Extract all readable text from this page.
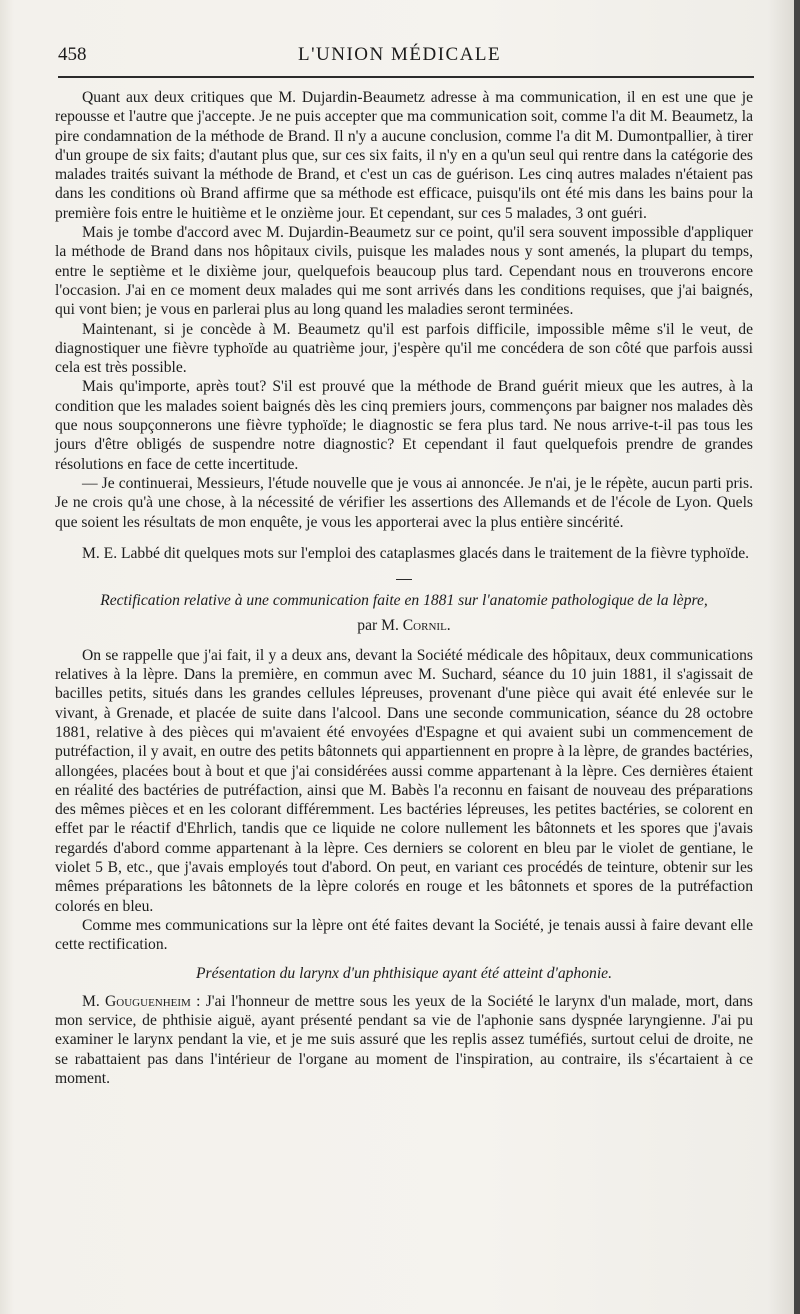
458	L'UNION MÉDICALE

Quant aux deux critiques que M. Dujardin-Beaumetz adresse à ma communication, il en est une que je repousse et l'autre que j'accepte. Je ne puis accepter que ma communication soit, comme l'a dit M. Beaumetz, la pire condamnation de la méthode de Brand. Il n'y a aucune conclusion, comme l'a dit M. Dumontpallier, à tirer d'un groupe de six faits; d'autant plus que, sur ces six faits, il n'y en a qu'un seul qui rentre dans la catégorie des malades traités suivant la méthode de Brand, et c'est un cas de guérison. Les cinq autres malades n'étaient pas dans les conditions où Brand affirme que sa méthode est efficace, puisqu'ils ont été mis dans les bains pour la première fois entre le huitième et le onzième jour. Et cependant, sur ces 5 malades, 3 ont guéri.

Mais je tombe d'accord avec M. Dujardin-Beaumetz sur ce point, qu'il sera souvent impossible d'appliquer la méthode de Brand dans nos hôpitaux civils, puisque les malades nous y sont amenés, la plupart du temps, entre le septième et le dixième jour, quelquefois beaucoup plus tard. Cependant nous en trouverons encore l'occasion. J'ai en ce moment deux malades qui me sont arrivés dans les conditions requises, que j'ai baignés, qui vont bien; je vous en parlerai plus au long quand les maladies seront terminées.

Maintenant, si je concède à M. Beaumetz qu'il est parfois difficile, impossible même s'il le veut, de diagnostiquer une fièvre typhoïde au quatrième jour, j'espère qu'il me concédera de son côté que parfois aussi cela est très possible.

Mais qu'importe, après tout? S'il est prouvé que la méthode de Brand guérit mieux que les autres, à la condition que les malades soient baignés dès les cinq premiers jours, commençons par baigner nos malades dès que nous soupçonnerons une fièvre typhoïde; le diagnostic se fera plus tard. Ne nous arrive-t-il pas tous les jours d'être obligés de suspendre notre diagnostic? Et cependant il faut quelquefois prendre de grandes résolutions en face de cette incertitude.

— Je continuerai, Messieurs, l'étude nouvelle que je vous ai annoncée. Je n'ai, je le répète, aucun parti pris. Je ne crois qu'à une chose, à la nécessité de vérifier les assertions des Allemands et de l'école de Lyon. Quels que soient les résultats de mon enquête, je vous les apporterai avec la plus entière sincérité.

M. E. Labbé dit quelques mots sur l'emploi des cataplasmes glacés dans le traitement de la fièvre typhoïde.

Rectification relative à une communication faite en 1881 sur l'anatomie pathologique de la lèpre,
par M. Cornil.

On se rappelle que j'ai fait, il y a deux ans, devant la Société médicale des hôpitaux, deux communications relatives à la lèpre. Dans la première, en commun avec M. Suchard, séance du 10 juin 1881, il s'agissait de bacilles petits, situés dans les grandes cellules lépreuses, provenant d'une pièce qui avait été enlevée sur le vivant, à Grenade, et placée de suite dans l'alcool. Dans une seconde communication, séance du 28 octobre 1881, relative à des pièces qui m'avaient été envoyées d'Espagne et qui avaient subi un commencement de putréfaction, il y avait, en outre des petits bâtonnets qui appartiennent en propre à la lèpre, de grandes bactéries, allongées, placées bout à bout et que j'ai considérées aussi comme appartenant à la lèpre. Ces dernières étaient en réalité des bactéries de putréfaction, ainsi que M. Babès l'a reconnu en faisant de nouveau des préparations des mêmes pièces et en les colorant différemment. Les bactéries lépreuses, les petites bactéries, se colorent en effet par le réactif d'Ehrlich, tandis que ce liquide ne colore nullement les bâtonnets et les spores que j'avais regardés d'abord comme appartenant à la lèpre. Ces derniers se colorent en bleu par le violet de gentiane, le violet 5 B, etc., que j'avais employés tout d'abord. On peut, en variant ces procédés de teinture, obtenir sur les mêmes préparations les bâtonnets de la lèpre colorés en rouge et les bâtonnets et spores de la putréfaction colorés en bleu.

Comme mes communications sur la lèpre ont été faites devant la Société, je tenais aussi à faire devant elle cette rectification.

Présentation du larynx d'un phthisique ayant été atteint d'aphonie.

M. Gouguenheim : J'ai l'honneur de mettre sous les yeux de la Société le larynx d'un malade, mort, dans mon service, de phthisie aiguë, ayant présenté pendant sa vie de l'aphonie sans dyspnée laryngienne. J'ai pu examiner le larynx pendant la vie, et je me suis assuré que les replis assez tuméfiés, surtout celui de droite, ne se rabattaient pas dans l'intérieur de l'organe au moment de l'inspiration, au contraire, ils s'écartaient à ce moment.
